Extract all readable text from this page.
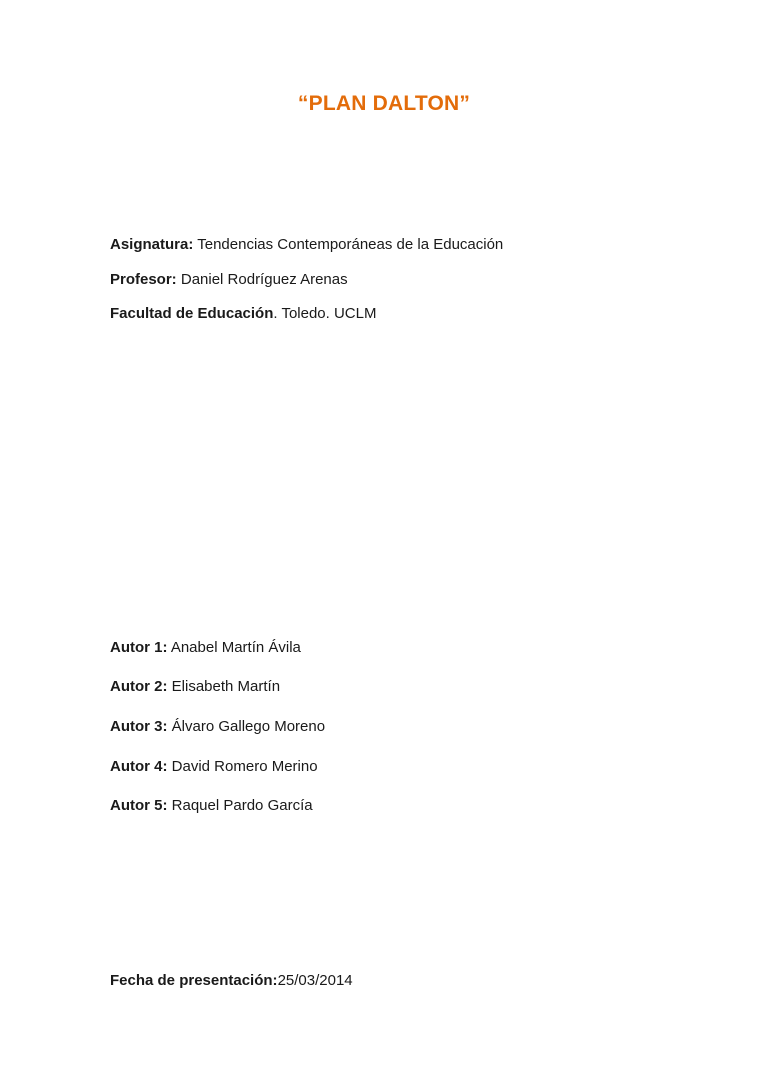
“PLAN DALTON”
Asignatura: Tendencias Contemporáneas de la Educación
Profesor: Daniel Rodríguez Arenas
Facultad de Educación. Toledo. UCLM
Autor 1: Anabel Martín Ávila
Autor 2: Elisabeth Martín
Autor 3: Álvaro Gallego Moreno
Autor 4: David Romero Merino
Autor 5: Raquel Pardo García
Fecha de presentación:25/03/2014
